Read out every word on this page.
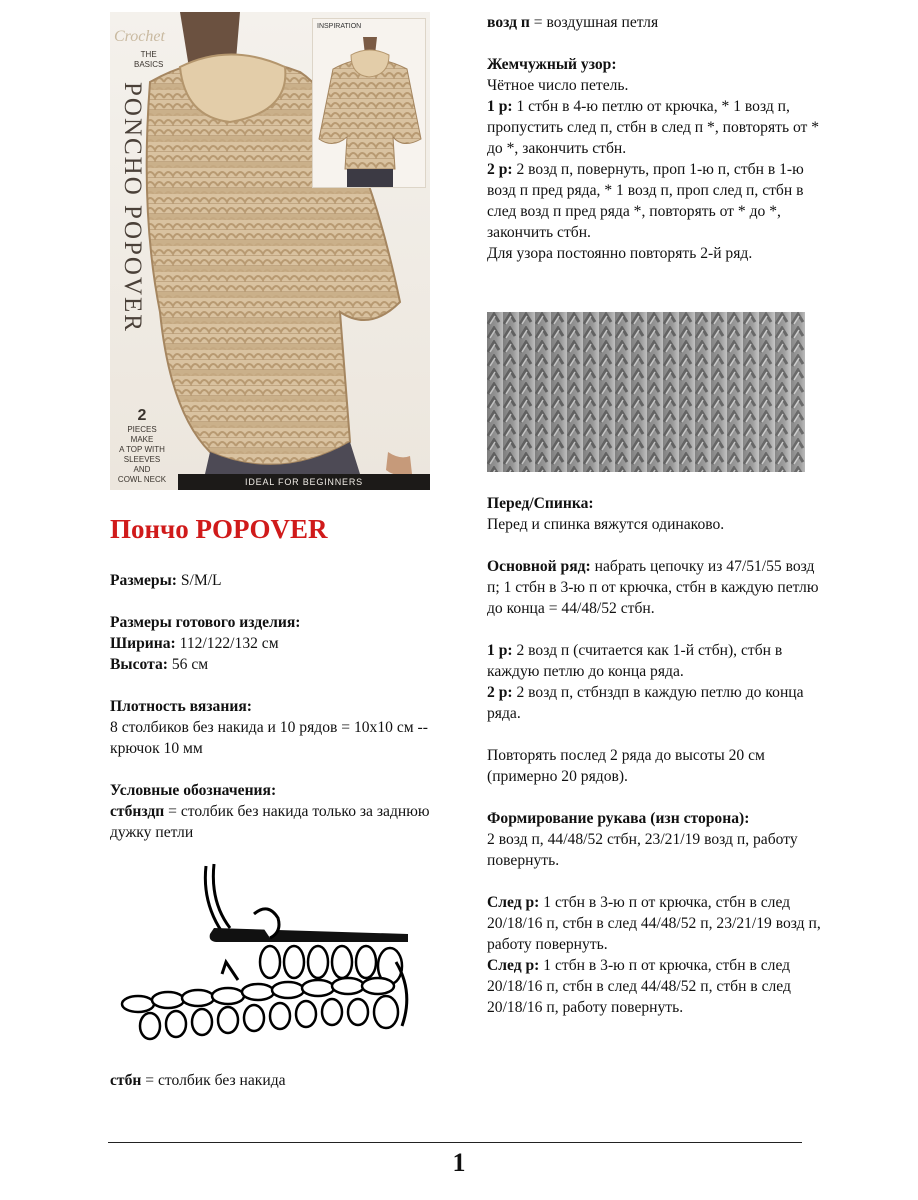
Crochet
THE
BASICS
PONCHO POPOVER
2
PIECES
MAKE
A TOP WITH
SLEEVES
AND
COWL NECK
INSPIRATION
IDEAL FOR BEGINNERS
Пончо POPOVER

Размеры: S/M/L

Размеры готового изделия:

Ширина: 112/122/132 см

Высота: 56 см

Плотность вязания:

8 столбиков без накида и 10 рядов = 10х10 см -- крючок 10 мм

Условные обозначения:

стбнздп = столбик без накида только за заднюю дужку петли

стбн = столбик без накида

возд п = воздушная петля

Жемчужный узор:

Чётное число петель.

1 р: 1 стбн в 4-ю петлю от крючка, * 1 возд п, пропустить след п, стбн в след п *, повторять от * до *, закончить стбн.

2 р: 2 возд п, повернуть, проп 1-ю п, стбн в 1-ю возд п пред ряда, * 1 возд п, проп след п, стбн в след возд п пред ряда *, повторять от * до *, закончить стбн.

Для узора постоянно повторять 2-й ряд.

Перед/Спинка:

Перед и спинка вяжутся одинаково.

Основной ряд: набрать цепочку из 47/51/55 возд п; 1 стбн в 3-ю п от крючка, стбн в каждую петлю до конца = 44/48/52 стбн.

1 р: 2 возд п (считается как 1-й стбн), стбн в каждую петлю до конца ряда.

2 р: 2 возд п, стбнздп в каждую петлю до конца ряда.

Повторять послед 2 ряда до высоты 20 см (примерно 20 рядов).

Формирование рукава (изн сторона):

2 возд п, 44/48/52 стбн, 23/21/19 возд п, работу повернуть.

След р: 1 стбн в 3-ю п от крючка, стбн в след 20/18/16 п, стбн в след 44/48/52 п, 23/21/19 возд п, работу повернуть.

След р: 1 стбн в 3-ю п от крючка, стбн в след 20/18/16 п, стбн в след 44/48/52 п, стбн в след 20/18/16 п, работу повернуть.

1
